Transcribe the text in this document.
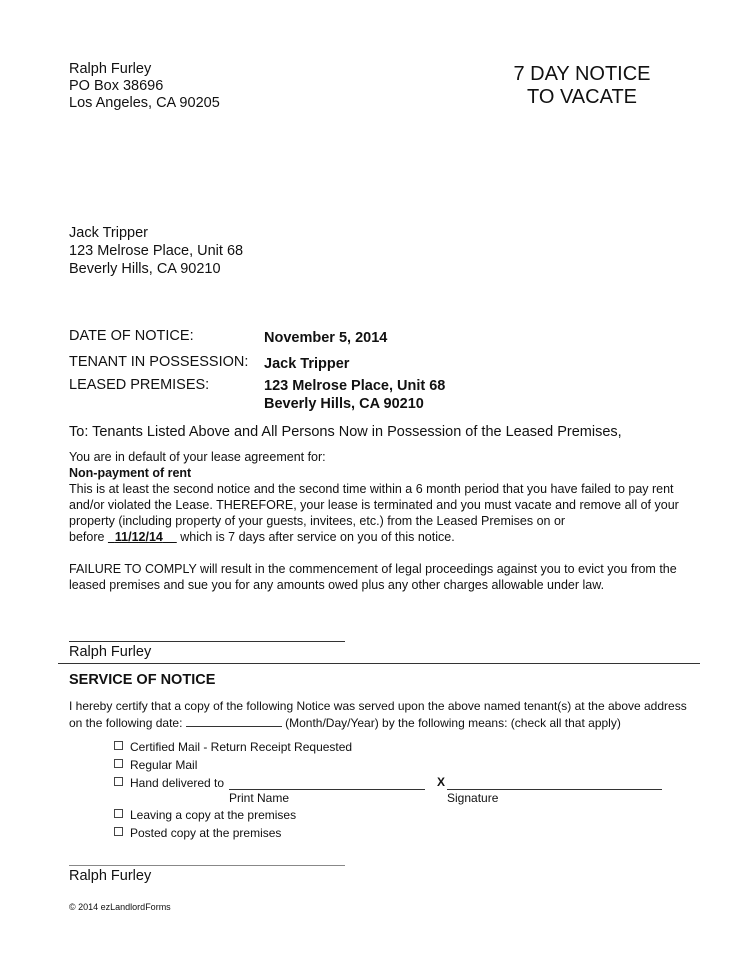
Ralph Furley
PO Box 38696
Los Angeles, CA 90205
7 DAY NOTICE
TO VACATE
Jack Tripper
123 Melrose Place, Unit 68
Beverly Hills, CA 90210
DATE OF NOTICE:	November 5, 2014
TENANT IN POSSESSION: Jack Tripper
LEASED PREMISES:	123 Melrose Place, Unit 68
Beverly Hills, CA 90210
To: Tenants Listed Above and All Persons Now in Possession of the Leased Premises,
You are in default of your lease agreement for:
Non-payment of rent
This is at least the second notice and the second time within a 6 month period that you have failed to pay rent and/or violated the Lease. THEREFORE, your lease is terminated and you must vacate and remove all of your property (including property of your guests, invitees, etc.) from the Leased Premises on or before 11/12/14 which is 7 days after service on you of this notice.
FAILURE TO COMPLY will result in the commencement of legal proceedings against you to evict you from the leased premises and sue you for any amounts owed plus any other charges allowable under law.
Ralph Furley
SERVICE OF NOTICE
I hereby certify that a copy of the following Notice was served upon the above named tenant(s) at the above address on the following date:	(Month/Day/Year) by the following means: (check all that apply)
Certified Mail - Return Receipt Requested
Regular Mail
Hand delivered to	X
Print Name	Signature
Leaving a copy at the premises
Posted copy at the premises
Ralph Furley
© 2014 ezLandlordForms
